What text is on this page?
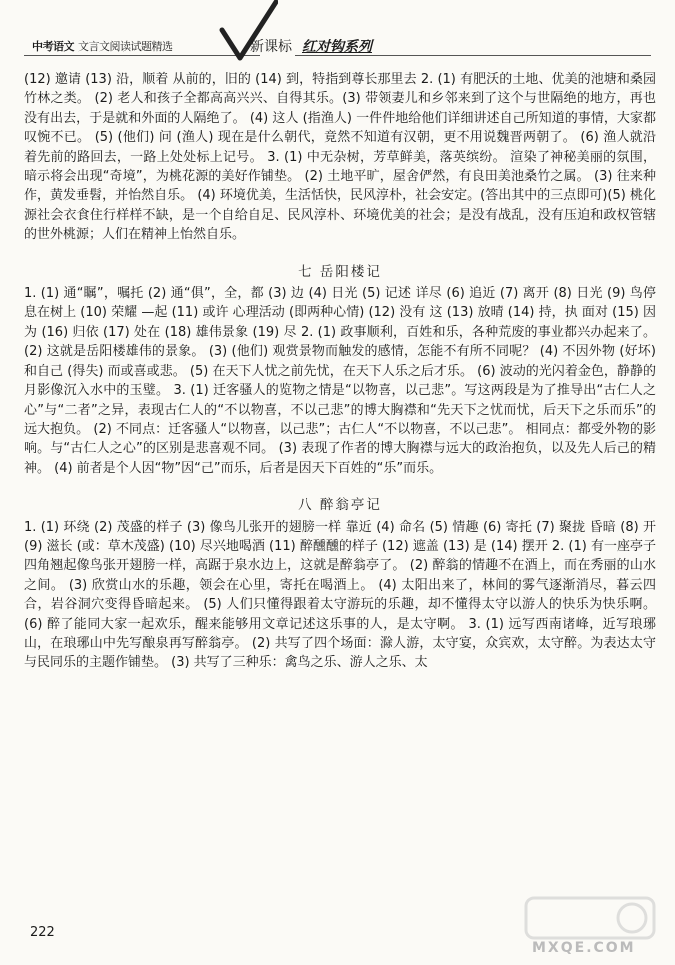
中考语文 文言文阅读试题精选	新课标 红对钩系列

(12) 邀请 (13) 沿，顺着 从前的，旧的 (14) 到，特指到尊长那里去 2. (1) 有肥沃的土地、优美的池塘和桑园竹林之类。 (2) 老人和孩子全都高高兴兴、自得其乐。(3) 带领妻儿和乡邻来到了这个与世隔绝的地方，再也没有出去，于是就和外面的人隔绝了。 (4) 这人 (指渔人) 一件件地给他们详细讲述自己所知道的事情，大家都叹惋不已。 (5) (他们) 问 (渔人) 现在是什么朝代，竟然不知道有汉朝，更不用说魏晋两朝了。 (6) 渔人就沿着先前的路回去，一路上处处标上记号。 3. (1) 中无杂树，芳草鲜美，落英缤纷。 渲染了神秘美丽的氛围，暗示将会出现“奇境”，为桃花源的美好作铺垫。 (2) 土地平旷，屋舍俨然，有良田美池桑竹之属。 (3) 往来种作，黄发垂髫，并怡然自乐。 (4) 环境优美，生活恬快，民风淳朴，社会安定。(答出其中的三点即可)(5) 桃化源社会衣食住行样样不缺，是一个自给自足、民风淳朴、环境优美的社会；是没有战乱，没有压迫和政权管辖的世外桃源；人们在精神上怡然自乐。

七 岳阳楼记

1. (1) 通“瞩”，嘱托 (2) 通“俱”，全，都 (3) 边 (4) 日光 (5) 记述 详尽 (6) 追近 (7) 离开 (8) 日光 (9) 鸟停息在树上 (10) 荣耀 —起 (11) 或许 心理活动 (即两种心情) (12) 没有 这 (13) 放晴 (14) 持，执 面对 (15) 因为 (16) 归依 (17) 处在 (18) 雄伟景象 (19) 尽 2. (1) 政事顺利，百姓和乐，各种荒废的事业都兴办起来了。 (2) 这就是岳阳楼雄伟的景象。 (3) (他们) 观赏景物而触发的感情，怎能不有所不同呢？ (4) 不因外物 (好坏) 和自己 (得失) 而或喜或悲。 (5) 在天下人忧之前先忧，在天下人乐之后才乐。 (6) 波动的光闪着金色，静静的月影像沉入水中的玉璧。 3. (1) 迁客骚人的览物之情是“以物喜，以己悲”。写这两段是为了推导出“古仁人之心”与“二者”之异，表现古仁人的“不以物喜，不以己悲”的博大胸襟和“先天下之忧而忧，后天下之乐而乐”的远大抱负。 (2) 不同点：迁客骚人“以物喜，以己悲”；古仁人“不以物喜，不以己悲”。 相同点：都受外物的影响。与“古仁人之心”的区别是悲喜观不同。 (3) 表现了作者的博大胸襟与远大的政治抱负，以及先人后己的精神。 (4) 前者是个人因“物”因“己”而乐，后者是因天下百姓的“乐”而乐。

八 醉翁亭记

1. (1) 环绕 (2) 茂盛的样子 (3) 像鸟儿张开的翅膀一样 靠近 (4) 命名 (5) 情趣 (6) 寄托 (7) 聚拢 昏暗 (8) 开 (9) 滋长 (或：草木茂盛) (10) 尽兴地喝酒 (11) 醉醺醺的样子 (12) 遮盖 (13) 是 (14) 摆开 2. (1) 有一座亭子四角翘起像鸟张开翅膀一样，高踞于泉水边上，这就是醉翁亭了。 (2) 醉翁的情趣不在酒上，而在秀丽的山水之间。 (3) 欣赏山水的乐趣，领会在心里，寄托在喝酒上。 (4) 太阳出来了，林间的雾气逐渐消尽，暮云四合，岩谷洞穴变得昏暗起来。 (5) 人们只懂得跟着太守游玩的乐趣，却不懂得太守以游人的快乐为快乐啊。 (6) 醉了能同大家一起欢乐，醒来能够用文章记述这乐事的人，是太守啊。 3. (1) 远写西南诸峰，近写琅琊山，在琅琊山中先写酿泉再写醉翁亭。 (2) 共写了四个场面：滁人游，太守宴，众宾欢，太守醉。为表达太守与民同乐的主题作铺垫。 (3) 共写了三种乐：禽鸟之乐、游人之乐、太

222
MXQE.COM
